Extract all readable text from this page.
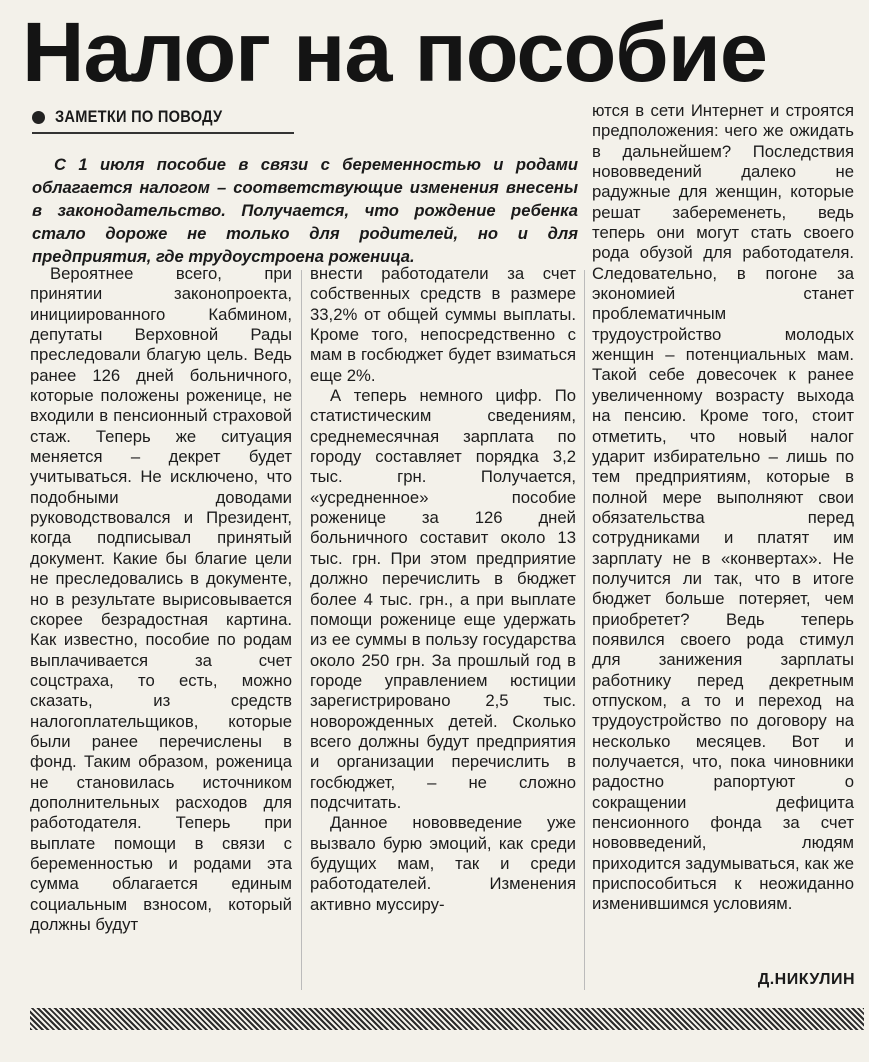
Налог на пособие
ЗАМЕТКИ ПО ПОВОДУ

С 1 июля пособие в связи с беременностью и родами облагается налогом – соответствующие изменения внесены в законодательство. Получается, что рождение ребенка стало дороже не только для родителей, но и для предприятия, где трудоустроена роженица.

Вероятнее всего, при принятии законопроекта, инициированного Кабмином, депутаты Верховной Рады преследовали благую цель. Ведь ранее 126 дней больничного, которые положены роженице, не входили в пенсионный страховой стаж. Теперь же ситуация меняется – декрет будет учитываться. Не исключено, что подобными доводами руководствовался и Президент, когда подписывал принятый документ. Какие бы благие цели не преследовались в документе, но в результате вырисовывается скорее безрадостная картина. Как известно, пособие по родам выплачивается за счет соцстраха, то есть, можно сказать, из средств налогоплательщиков, которые были ранее перечислены в фонд. Таким образом, роженица не становилась источником дополнительных расходов для работодателя. Теперь при выплате помощи в связи с беременностью и родами эта сумма облагается единым социальным взносом, который должны будут

внести работодатели за счет собственных средств в размере 33,2% от общей суммы выплаты. Кроме того, непосредственно с мам в госбюджет будет взиматься еще 2%.

А теперь немного цифр. По статистическим сведениям, среднемесячная зарплата по городу составляет порядка 3,2 тыс. грн. Получается, «усредненное» пособие роженице за 126 дней больничного составит около 13 тыс. грн. При этом предприятие должно перечислить в бюджет более 4 тыс. грн., а при выплате помощи роженице еще удержать из ее суммы в пользу государства около 250 грн. За прошлый год в городе управлением юстиции зарегистрировано 2,5 тыс. новорожденных детей. Сколько всего должны будут предприятия и организации перечислить в госбюджет, – не сложно подсчитать.

Данное нововведение уже вызвало бурю эмоций, как среди будущих мам, так и среди работодателей. Изменения активно муссиру-

ются в сети Интернет и строятся предположения: чего же ожидать в дальнейшем? Последствия нововведений далеко не радужные для женщин, которые решат забеременеть, ведь теперь они могут стать своего рода обузой для работодателя. Следовательно, в погоне за экономией станет проблематичным трудоустройство молодых женщин – потенциальных мам. Такой себе довесочек к ранее увеличенному возрасту выхода на пенсию. Кроме того, стоит отметить, что новый налог ударит избирательно – лишь по тем предприятиям, которые в полной мере выполняют свои обязательства перед сотрудниками и платят им зарплату не в «конвертах». Не получится ли так, что в итоге бюджет больше потеряет, чем приобретет? Ведь теперь появился своего рода стимул для занижения зарплаты работнику перед декретным отпуском, а то и переход на трудоустройство по договору на несколько месяцев. Вот и получается, что, пока чиновники радостно рапортуют о сокращении дефицита пенсионного фонда за счет нововведений, людям приходится задумываться, как же приспособиться к неожиданно изменившимся условиям.

Д.НИКУЛИН
